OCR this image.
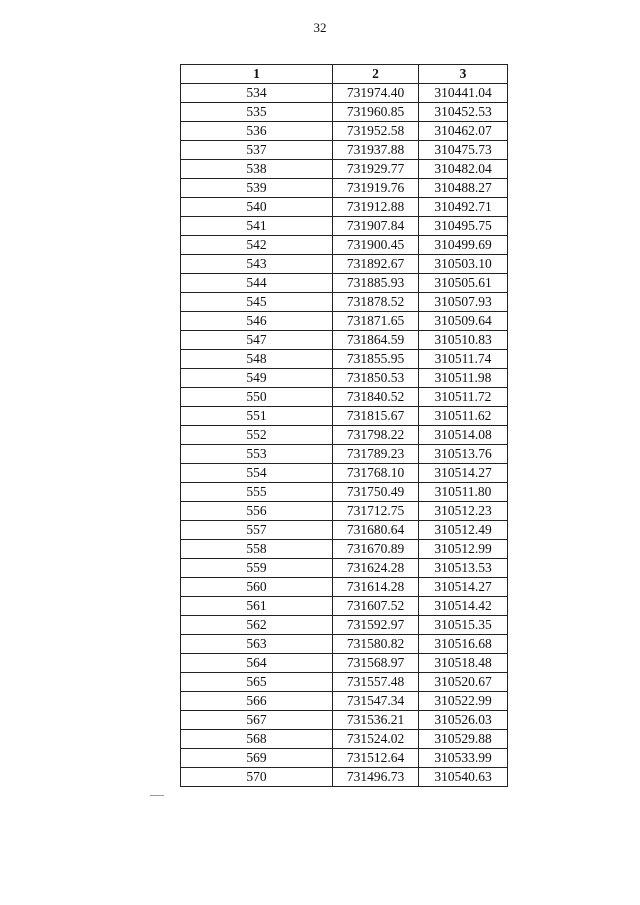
32
1	2	3
534	731974.40	310441.04
535	731960.85	310452.53
536	731952.58	310462.07
537	731937.88	310475.73
538	731929.77	310482.04
539	731919.76	310488.27
540	731912.88	310492.71
541	731907.84	310495.75
542	731900.45	310499.69
543	731892.67	310503.10
544	731885.93	310505.61
545	731878.52	310507.93
546	731871.65	310509.64
547	731864.59	310510.83
548	731855.95	310511.74
549	731850.53	310511.98
550	731840.52	310511.72
551	731815.67	310511.62
552	731798.22	310514.08
553	731789.23	310513.76
554	731768.10	310514.27
555	731750.49	310511.80
556	731712.75	310512.23
557	731680.64	310512.49
558	731670.89	310512.99
559	731624.28	310513.53
560	731614.28	310514.27
561	731607.52	310514.42
562	731592.97	310515.35
563	731580.82	310516.68
564	731568.97	310518.48
565	731557.48	310520.67
566	731547.34	310522.99
567	731536.21	310526.03
568	731524.02	310529.88
569	731512.64	310533.99
570	731496.73	310540.63
